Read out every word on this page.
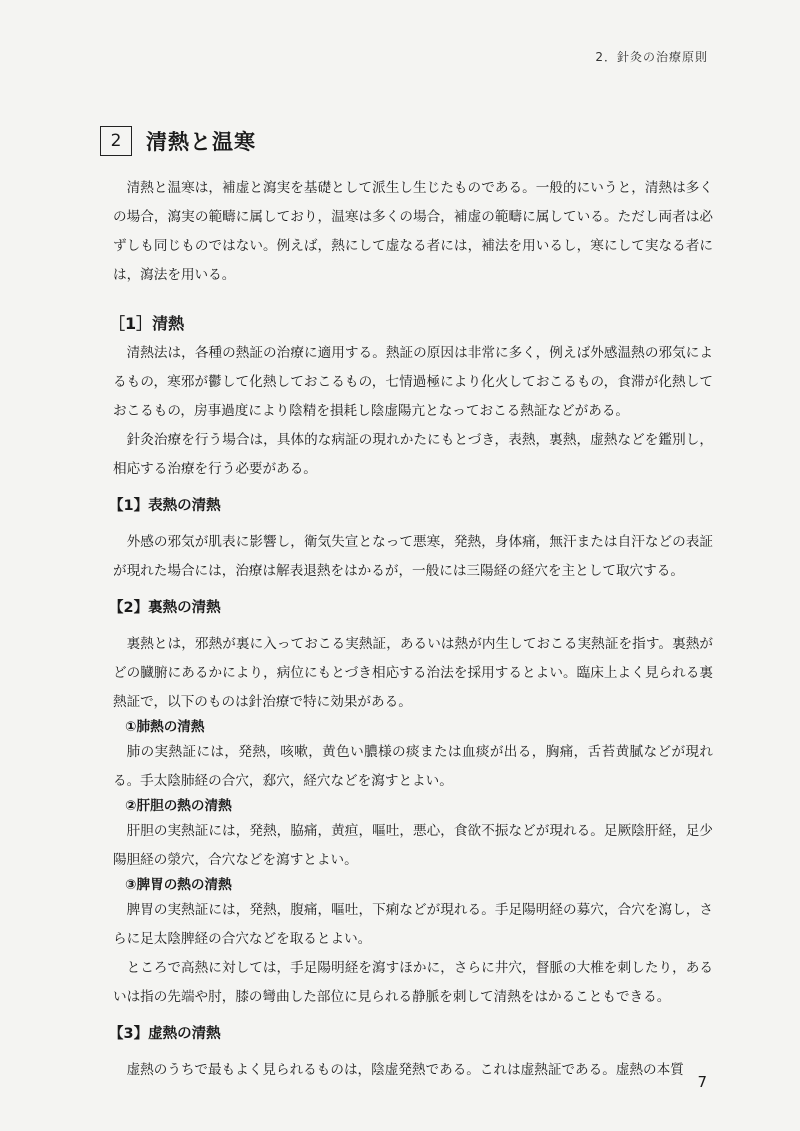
2．針灸の治療原則
2	清熱と温寒

清熱と温寒は，補虚と瀉実を基礎として派生し生じたものである。一般的にいうと，清熱は多くの場合，瀉実の範疇に属しており，温寒は多くの場合，補虚の範疇に属している。ただし両者は必ずしも同じものではない。例えば，熱にして虚なる者には，補法を用いるし，寒にして実なる者には，瀉法を用いる。

［1］清熱

清熱法は，各種の熱証の治療に適用する。熱証の原因は非常に多く，例えば外感温熱の邪気によるもの，寒邪が鬱して化熱しておこるもの，七情過極により化火しておこるもの，食滞が化熱しておこるもの，房事過度により陰精を損耗し陰虚陽亢となっておこる熱証などがある。

針灸治療を行う場合は，具体的な病証の現れかたにもとづき，表熱，裏熱，虚熱などを鑑別し，相応する治療を行う必要がある。

【1】表熱の清熱

外感の邪気が肌表に影響し，衛気失宣となって悪寒，発熱，身体痛，無汗または自汗などの表証が現れた場合には，治療は解表退熱をはかるが，一般には三陽経の経穴を主として取穴する。

【2】裏熱の清熱

裏熱とは，邪熱が裏に入っておこる実熱証，あるいは熱が内生しておこる実熱証を指す。裏熱がどの臓腑にあるかにより，病位にもとづき相応する治法を採用するとよい。臨床上よく見られる裏熱証で，以下のものは針治療で特に効果がある。

①肺熱の清熱

肺の実熱証には，発熱，咳嗽，黄色い膿様の痰または血痰が出る，胸痛，舌苔黄膩などが現れる。手太陰肺経の合穴，郄穴，経穴などを瀉すとよい。

②肝胆の熱の清熱

肝胆の実熱証には，発熱，脇痛，黄疸，嘔吐，悪心，食欲不振などが現れる。足厥陰肝経，足少陽胆経の滎穴，合穴などを瀉すとよい。

③脾胃の熱の清熱

脾胃の実熱証には，発熱，腹痛，嘔吐，下痢などが現れる。手足陽明経の募穴，合穴を瀉し，さらに足太陰脾経の合穴などを取るとよい。

ところで高熱に対しては，手足陽明経を瀉すほかに，さらに井穴，督脈の大椎を刺したり，あるいは指の先端や肘，膝の彎曲した部位に見られる静脈を刺して清熱をはかることもできる。

【3】虚熱の清熱

虚熱のうちで最もよく見られるものは，陰虚発熱である。これは虚熱証である。虚熱の本質

7
